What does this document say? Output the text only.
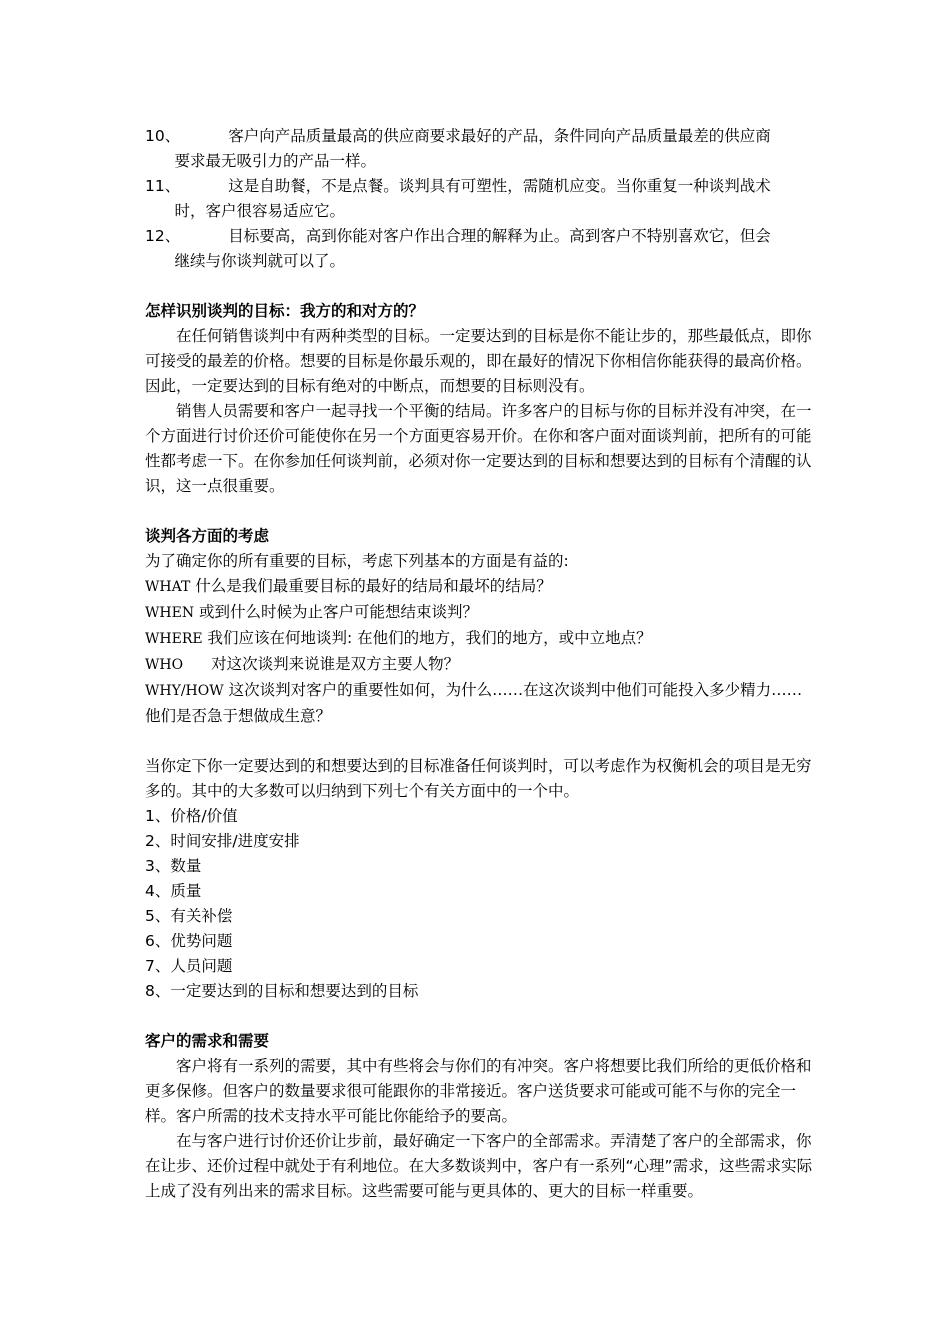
10、	客户向产品质量最高的供应商要求最好的产品，条件同向产品质量最差的供应商

要求最无吸引力的产品一样。

11、	这是自助餐，不是点餐。谈判具有可塑性，需随机应变。当你重复一种谈判战术

时，客户很容易适应它。

12、	目标要高，高到你能对客户作出合理的解释为止。高到客户不特别喜欢它，但会

继续与你谈判就可以了。

怎样识别谈判的目标：我方的和对方的？

在任何销售谈判中有两种类型的目标。一定要达到的目标是你不能让步的，那些最低点，即你可接受的最差的价格。想要的目标是你最乐观的，即在最好的情况下你相信你能获得的最高价格。因此，一定要达到的目标有绝对的中断点，而想要的目标则没有。

销售人员需要和客户一起寻找一个平衡的结局。许多客户的目标与你的目标并没有冲突，在一个方面进行讨价还价可能使你在另一个方面更容易开价。在你和客户面对面谈判前，把所有的可能性都考虑一下。在你参加任何谈判前，必须对你一定要达到的目标和想要达到的目标有个清醒的认识，这一点很重要。

谈判各方面的考虑

为了确定你的所有重要的目标，考虑下列基本的方面是有益的:

WHAT 什么是我们最重要目标的最好的结局和最坏的结局？

WHEN 或到什么时候为止客户可能想结束谈判？

WHERE 我们应该在何地谈判: 在他们的地方，我们的地方，或中立地点？

WHO 对这次谈判来说谁是双方主要人物？

WHY/HOW 这次谈判对客户的重要性如何，为什么……在这次谈判中他们可能投入多少精力……他们是否急于想做成生意？

当你定下你一定要达到的和想要达到的目标准备任何谈判时，可以考虑作为权衡机会的项目是无穷多的。其中的大多数可以归纳到下列七个有关方面中的一个中。

1、价格/价值

2、时间安排/进度安排

3、数量

4、质量

5、有关补偿

6、优势问题

7、人员问题

8、一定要达到的目标和想要达到的目标

客户的需求和需要

客户将有一系列的需要，其中有些将会与你们的有冲突。客户将想要比我们所给的更低价格和更多保修。但客户的数量要求很可能跟你的非常接近。客户送货要求可能或可能不与你的完全一样。客户所需的技术支持水平可能比你能给予的要高。

在与客户进行讨价还价让步前，最好确定一下客户的全部需求。弄清楚了客户的全部需求，你在让步、还价过程中就处于有利地位。在大多数谈判中，客户有一系列“心理”需求，这些需求实际上成了没有列出来的需求目标。这些需要可能与更具体的、更大的目标一样重要。
